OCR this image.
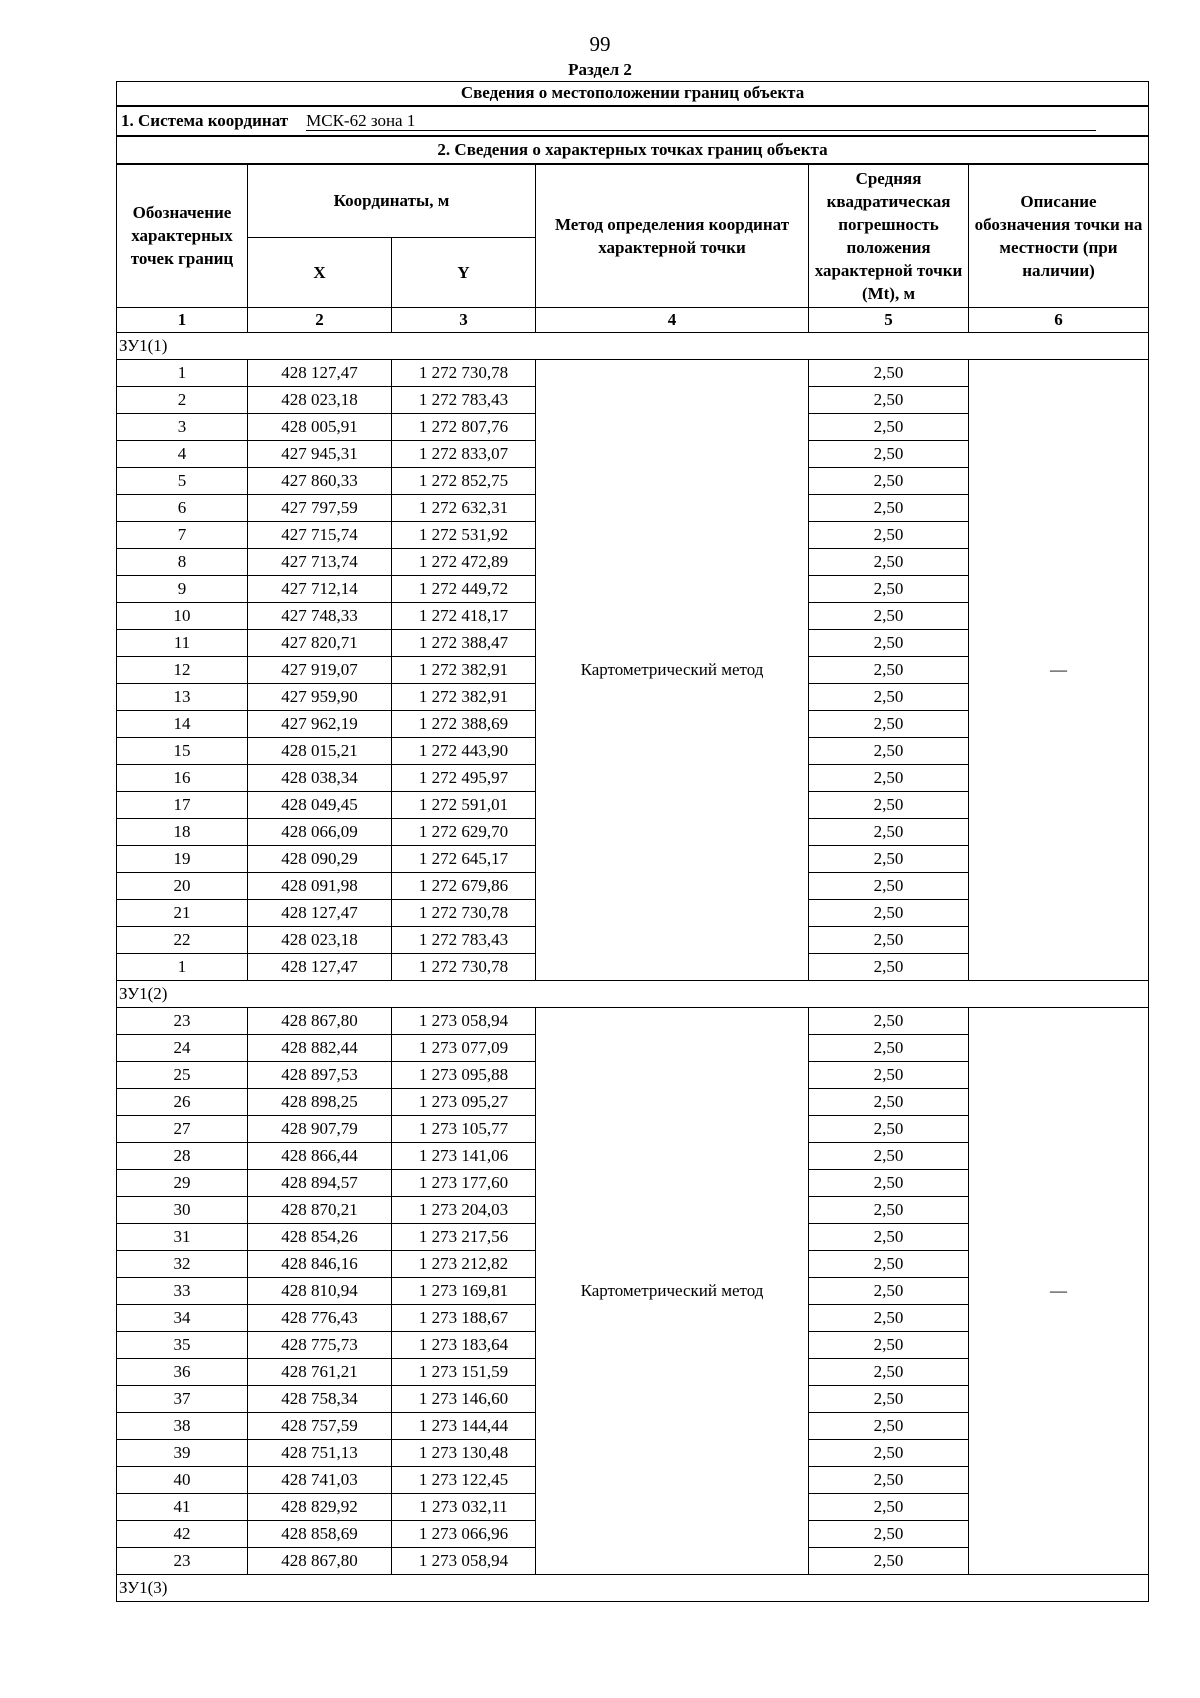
99
Раздел 2
Сведения о местоположении границ объекта					
1. Система координат МСК-62 зона 1					
2. Сведения о характерных точках границ объекта					
Обозначение характерных точек границ	Координаты, м		Метод определения координат характерной точки	Средняя квадратическая погрешность положения характерной точки (Mt), м	Описание обозначения точки на местности (при наличии)
	X	Y			
1	2	3	4	5	6
ЗУ1(1)					
1	428 127,47	1 272 730,78	Картометрический метод	2,50	—
2	428 023,18	1 272 783,43		2,50	
3	428 005,91	1 272 807,76		2,50	
4	427 945,31	1 272 833,07		2,50	
5	427 860,33	1 272 852,75		2,50	
6	427 797,59	1 272 632,31		2,50	
7	427 715,74	1 272 531,92		2,50	
8	427 713,74	1 272 472,89		2,50	
9	427 712,14	1 272 449,72		2,50	
10	427 748,33	1 272 418,17		2,50	
11	427 820,71	1 272 388,47		2,50	
12	427 919,07	1 272 382,91		2,50	
13	427 959,90	1 272 382,91		2,50	
14	427 962,19	1 272 388,69		2,50	
15	428 015,21	1 272 443,90		2,50	
16	428 038,34	1 272 495,97		2,50	
17	428 049,45	1 272 591,01		2,50	
18	428 066,09	1 272 629,70		2,50	
19	428 090,29	1 272 645,17		2,50	
20	428 091,98	1 272 679,86		2,50	
21	428 127,47	1 272 730,78		2,50	
22	428 023,18	1 272 783,43		2,50	
1	428 127,47	1 272 730,78		2,50	
ЗУ1(2)					
23	428 867,80	1 273 058,94	Картометрический метод	2,50	—
24	428 882,44	1 273 077,09		2,50	
25	428 897,53	1 273 095,88		2,50	
26	428 898,25	1 273 095,27		2,50	
27	428 907,79	1 273 105,77		2,50	
28	428 866,44	1 273 141,06		2,50	
29	428 894,57	1 273 177,60		2,50	
30	428 870,21	1 273 204,03		2,50	
31	428 854,26	1 273 217,56		2,50	
32	428 846,16	1 273 212,82		2,50	
33	428 810,94	1 273 169,81		2,50	
34	428 776,43	1 273 188,67		2,50	
35	428 775,73	1 273 183,64		2,50	
36	428 761,21	1 273 151,59		2,50	
37	428 758,34	1 273 146,60		2,50	
38	428 757,59	1 273 144,44		2,50	
39	428 751,13	1 273 130,48		2,50	
40	428 741,03	1 273 122,45		2,50	
41	428 829,92	1 273 032,11		2,50	
42	428 858,69	1 273 066,96		2,50	
23	428 867,80	1 273 058,94		2,50	
ЗУ1(3)					
